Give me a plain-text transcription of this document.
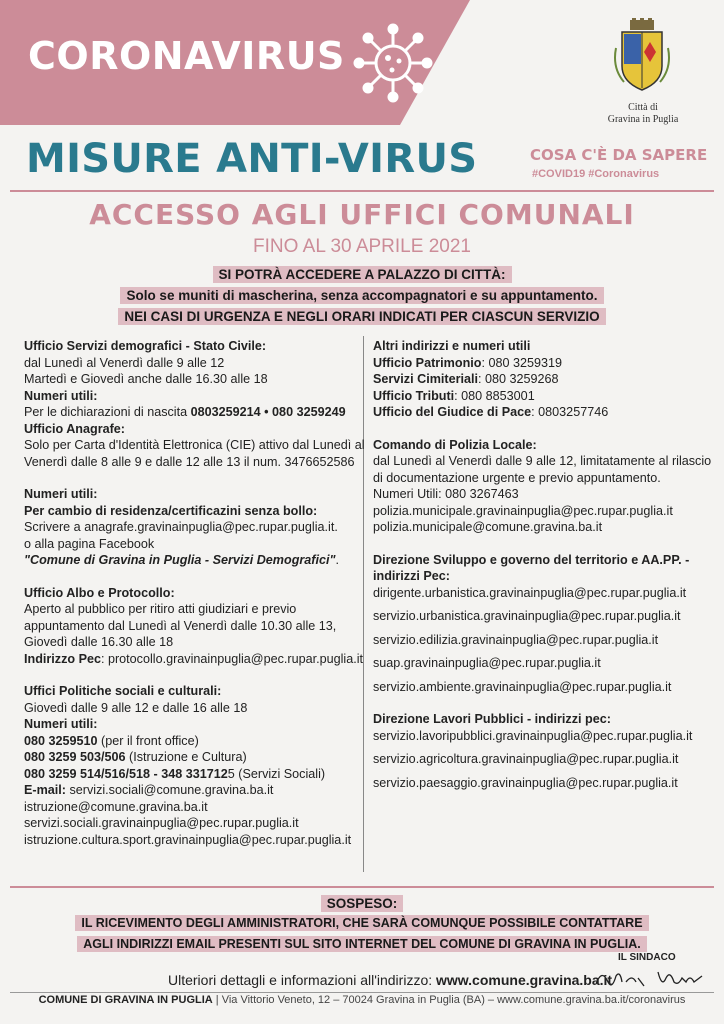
CORONAVIRUS
Città di
Gravina in Puglia
MISURE ANTI-VIRUS	COSA C'È DA SAPERE
#COVID19 #Coronavirus
ACCESSO AGLI UFFICI COMUNALI
FINO AL 30 APRILE 2021
SI POTRÀ ACCEDERE A PALAZZO DI CITTÀ:
Solo se muniti di mascherina, senza accompagnatori e su appuntamento.
NEI CASI DI URGENZA E NEGLI ORARI INDICATI PER CIASCUN SERVIZIO
Ufficio Servizi demografici - Stato Civile:
dal Lunedì al Venerdì dalle 9 alle 12
Martedì e Giovedì anche dalle 16.30 alle 18
Numeri utili:
Per le dichiarazioni di nascita 0803259214 • 080 3259249
Ufficio Anagrafe:
Solo per Carta d'Identità Elettronica (CIE) attivo dal Lunedì al
Venerdì dalle 8 alle 9 e dalle 12 alle 13 il num. 3476652586
Numeri utili:
Per cambio di residenza/certificazini senza bollo:
Scrivere a anagrafe.gravinainpuglia@pec.rupar.puglia.it.
o alla pagina Facebook
"Comune di Gravina in Puglia - Servizi Demografici".
Ufficio Albo e Protocollo:
Aperto al pubblico per ritiro atti giudiziari e previo
appuntamento dal Lunedì al Venerdì dalle 10.30 alle 13,
Giovedì dalle 16.30 alle 18
Indirizzo Pec: protocollo.gravinainpuglia@pec.rupar.puglia.it
Uffici Politiche sociali e culturali:
Giovedì dalle 9 alle 12 e dalle 16 alle 18
Numeri utili:
080 3259510 (per il front office)
080 3259 503/506 (Istruzione e Cultura)
080 3259 514/516/518 - 348 3317125 (Servizi Sociali)
E-mail: servizi.sociali@comune.gravina.ba.it
istruzione@comune.gravina.ba.it
servizi.sociali.gravinainpuglia@pec.rupar.puglia.it
istruzione.cultura.sport.gravinainpuglia@pec.rupar.puglia.it
Altri indirizzi e numeri utili
Ufficio Patrimonio: 080 3259319
Servizi Cimiteriali: 080 3259268
Ufficio Tributi: 080 8853001
Ufficio del Giudice di Pace: 0803257746
Comando di Polizia Locale:
dal Lunedì al Venerdì dalle 9 alle 12, limitatamente al rilascio
di documentazione urgente e previo appuntamento.
Numeri Utili: 080 3267463
polizia.municipale.gravinainpuglia@pec.rupar.puglia.it
polizia.municipale@comune.gravina.ba.it
Direzione Sviluppo e governo del territorio e AA.PP. -
indirizzi Pec:
dirigente.urbanistica.gravinainpuglia@pec.rupar.puglia.it
servizio.urbanistica.gravinainpuglia@pec.rupar.puglia.it
servizio.edilizia.gravinainpuglia@pec.rupar.puglia.it
suap.gravinainpuglia@pec.rupar.puglia.it
servizio.ambiente.gravinainpuglia@pec.rupar.puglia.it
Direzione Lavori Pubblici - indirizzi pec:
servizio.lavoripubblici.gravinainpuglia@pec.rupar.puglia.it
servizio.agricoltura.gravinainpuglia@pec.rupar.puglia.it
servizio.paesaggio.gravinainpuglia@pec.rupar.puglia.it
SOSPESO:
IL RICEVIMENTO DEGLI AMMINISTRATORI, CHE SARÀ COMUNQUE POSSIBILE CONTATTARE
AGLI INDIRIZZI EMAIL PRESENTI SUL SITO INTERNET DEL COMUNE DI GRAVINA IN PUGLIA.
IL SINDACO
Ulteriori dettagli e informazioni all'indirizzo: www.comune.gravina.ba.it
COMUNE DI GRAVINA IN PUGLIA | Via Vittorio Veneto, 12 – 70024 Gravina in Puglia (BA) – www.comune.gravina.ba.it/coronavirus
